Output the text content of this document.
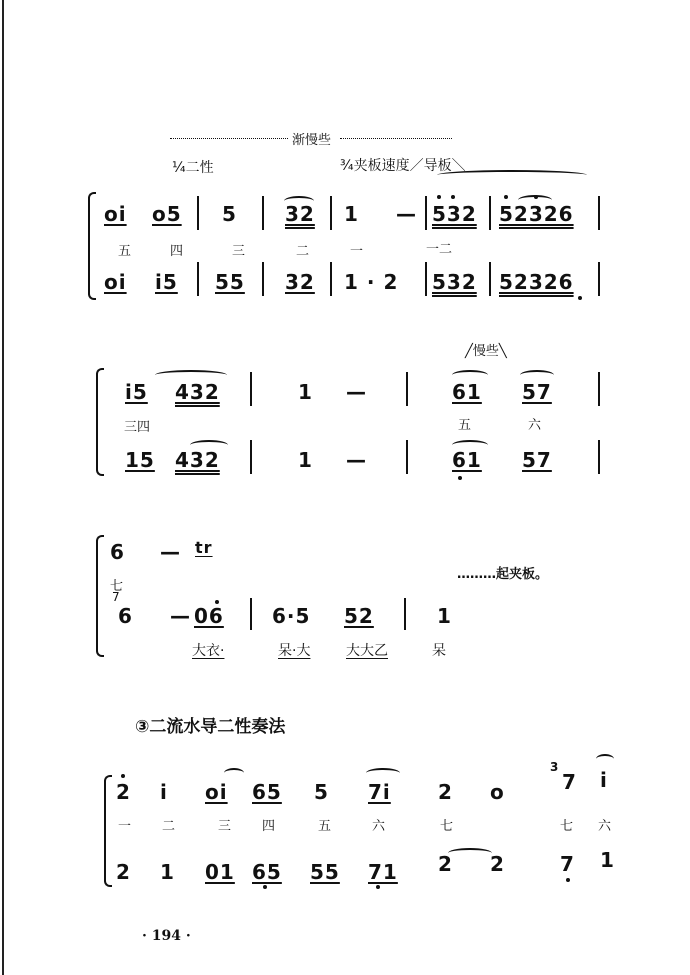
渐慢些
¼二性	¾夹板速度／导板＼
oi o5 5 32 1 — 532 52326
五	四	三	二	一	一二
oi i5 55 32 1 · 2 532 52326
╱慢些╲
i5 432	1 —	61 57
三四	五	六
15 432	1 —	61 57
6 — tr
七
………起夹板。
7
6 — 06 6·5 52	1
大衣·	呆·大	大大乙	呆
③二流水导二性奏法
2 i oi 65 5 7i 2 o
3
7 i
一 二	三 四	五	六	七	七 六
2 1 01 65 55 71 2 2	7 1
· 194 ·
